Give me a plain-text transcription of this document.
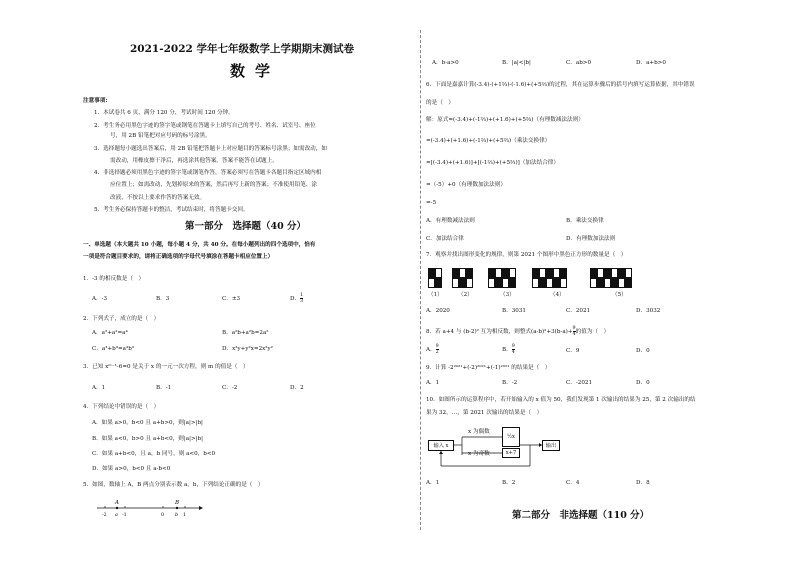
2021-2022 学年七年级数学上学期期末测试卷
数学
注意事项:
1．本试卷共 6 页，满分 120 分，考试时间 120 分钟。
2．考生务必用黑色字迹的签字笔或钢笔在答题卡上填写自己的考号、姓名、试室号、座位
号，用 2B 铅笔把对应号码的标号涂黑。
3．选择题每小题选出答案后，用 2B 铅笔把答题卡上对应题目的答案标号涂黑；如需改动，如
需改动，用橡皮擦干净后，再选涂其他答案，答案不能答在试题上。
4．非选择题必须用黑色字迹的签字笔或钢笔作答，答案必须写在答题卡各题目指定区域内相
应位置上；如需改动，先划掉原来的答案，然后再写上新的答案；不准使用铅笔、涂
改液，不按以上要求作答的答案无效。
5．考生务必保持答题卡的整洁，考试结束时，将答题卡交回。
第一部分　选择题（40 分）
一、单选题（本大题共 10 小题，每小题 4 分，共 40 分。在每小题列出的四个选项中，恰有
一项是符合题目要求的，请将正确选项的字母代号填涂在答题卡相应位置上）
1．-3 的相反数是（　）
A．-3	B．3	C．±3	D． $\frac{1}{3}$
2．下列式子，成立的是（　）
A．a²+a²=a⁴	B．a²b+a²b=2a²
C．a³+b³=a³b³	D．x²y+y²x=2x²y²
3．已知 xᵐ⁻¹-6=0 是关于 x 的一元一次方程，则 m 的值是（　）
A．1	B．-1	C．-2	D．2
4．下列结论中错误的是（　）
A．如果 a>0，b<0 且 a+b>0，则|a|>|b|
B．如果 a<0，b>0 且 a+b<0，则|a|>|b|
C．如果 a+b<0，且 a，b 同号，则 a<0，b<0
D．如果 a>0，b<0 且 a-b<0
5．如图，数轴上 A，B 两点分别表示数 a，b，下列结论正确的是（　）
A	B
-2 a -1	0 b 1
A．b-a>0	B．|a|<|b|	C．ab>0	D．a+b>0
6．下面是嘉嘉计算(-3.4)-(+1⅔)-(-1.6)+(+5⅔)的过程，其在运算步骤后的括号内填写运算依据，其中错误
的是（　）
解：原式=(-3.4)+(-1⅔)+(+1.6)+(+5⅔)（有理数减法法则）
=(-3.4)+(+1.6)+(-1⅔)+(+5⅔)（乘法交换律）
=[(-3.4)+(+1.6)]+[(-1⅔)+(+5⅔)]（加法结合律）
=（-5）+0（有理数加法法则）
=-5
A．有理数减法法则	B．乘法交换律
C．加法结合律	D．有理数加法法则
7．观察并找出图形变化的规律，则第 2021 个图形中黑色正方形的数量是（　）
（1）	（2）	（3）	（4）	（5）
A．2020	B．3031	C．2021	D．3032
8．若 a+4 与 (b-2)² 互为相反数，则整式$(a-b)^2+3(b-a)+ \frac{9}{4}$ 的值为（　）
A． $\frac{9}{2}$	B． $\frac{9}{4}$	C．9	D．0
9．计算 -2²⁰²¹+(-2)²⁰²¹+(-1)²⁰²¹ 的结果是（　）
A．1	B．-2	C．-2021	D．0
10．如图所示的运算程序中，若开始输入的 x 值为 50，我们发现第 1 次输出的结果为 25，第 2 次输出的结
果为 32，…，第 2021 次输出的结果是（　）
输入 x
x 为偶数
x 为奇数
½x
x+7
输出
A．1	B．2	C．4	D．8
第二部分　非选择题（110 分）
